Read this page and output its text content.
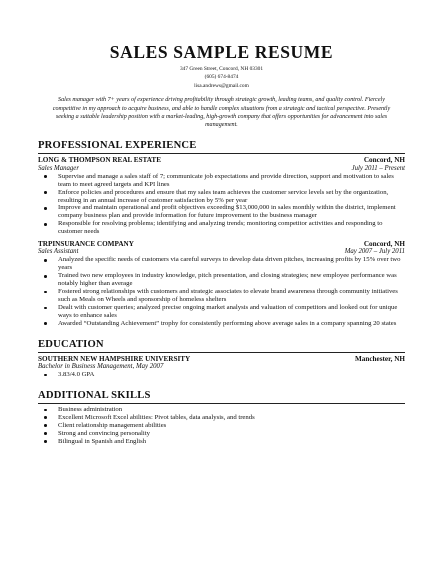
SALES SAMPLE RESUME
347 Green Street, Concord, NH 03301
(605) 674-8474
lisa.andrews@gmail.com
Sales manager with 7+ years of experience driving profitability through strategic growth, leading teams, and quality control. Fiercely competitive in my approach to acquire business, and able to handle complex situations from a strategic and tactical perspective. Presently seeking a suitable leadership position with a market-leading, high-growth company that offers opportunities for advancement into sales management.
PROFESSIONAL EXPERIENCE
LONG & THOMPSON REAL ESTATE	Concord, NH
Sales Manager	July 2011 – Present
Supervise and manage a sales staff of 7; communicate job expectations and provide direction, support and motivation to sales team to meet agreed targets and KPI lines
Enforce policies and procedures and ensure that my sales team achieves the customer service levels set by the organization, resulting in an annual increase of customer satisfaction by 5% per year
Improve and maintain operational and profit objectives exceeding $13,000,000 in sales monthly within the district, implement company business plan and provide information for future improvement to the business manager
Responsible for resolving problems; identifying and analyzing trends; monitoring competitor activities and responding to customer needs
TRPINSURANCE COMPANY	Concord, NH
Sales Assistant	May 2007 – July 2011
Analyzed the specific needs of customers via careful surveys to develop data driven pitches, increasing profits by 15% over two years
Trained two new employees in industry knowledge, pitch presentation, and closing strategies; new employee performance was notably higher than average
Fostered strong relationships with customers and strategic associates to elevate brand awareness through community initiatives such as Meals on Wheels and sponsorship of homeless shelters
Dealt with customer queries; analyzed precise ongoing market analysis and valuation of competitors and looked out for unique ways to enhance sales
Awarded “Outstanding Achievement” trophy for consistently performing above average sales in a company spanning 20 states
EDUCATION
SOUTHERN NEW HAMPSHIRE UNIVERSITY	Manchester, NH
Bachelor in Business Management, May 2007
3.83/4.0 GPA
ADDITIONAL SKILLS
Business administration
Excellent Microsoft Excel abilities: Pivot tables, data analysis, and trends
Client relationship management abilities
Strong and convincing personality
Bilingual in Spanish and English
